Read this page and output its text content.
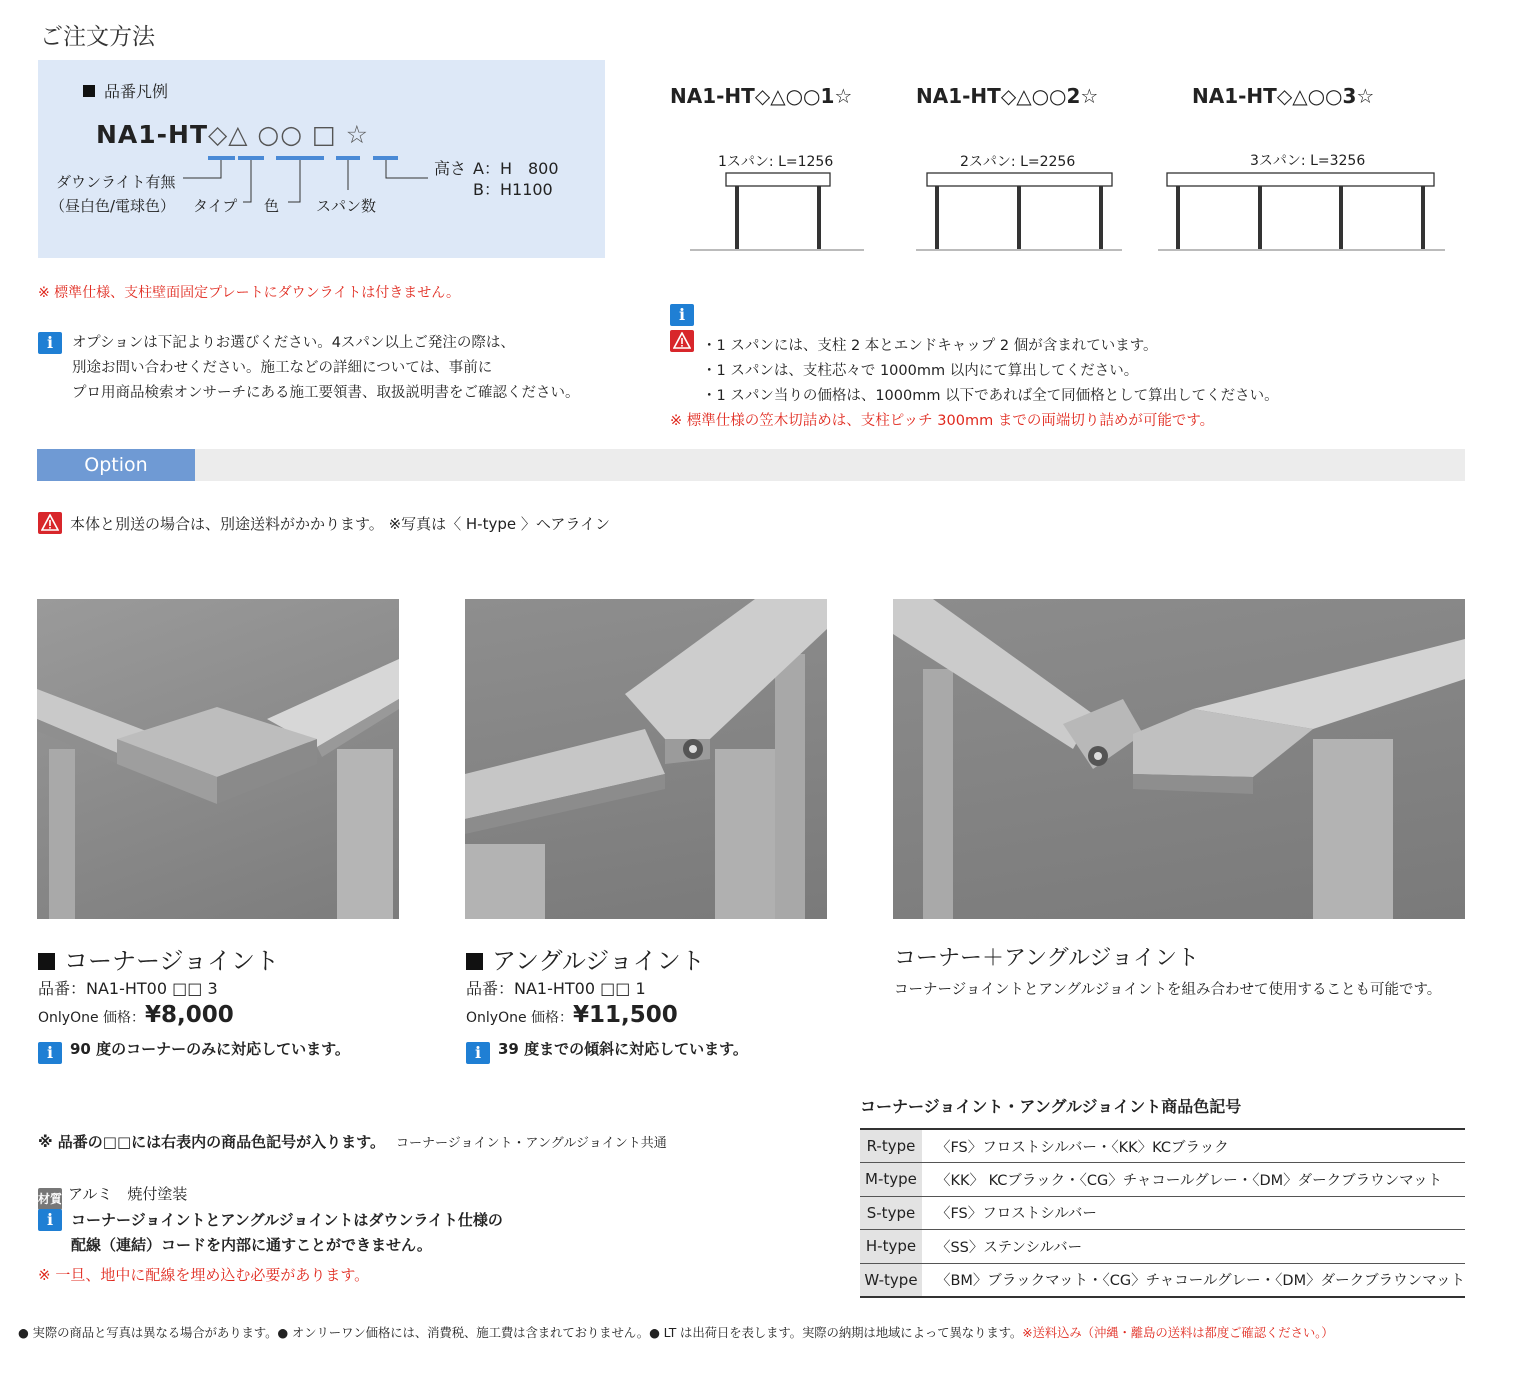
ご注文方法
品番凡例
NA1-HT◇△ ○○ □ ☆
ダウンライト有無
（昼白色/電球色） タイプ 色 スパン数
高さ A：H　800
B：H1100
※ 標準仕様、支柱壁面固定プレートにダウンライトは付きません。
i	オプションは下記よりお選びください。4スパン以上ご発注の際は、
別途お問い合わせください。施工などの詳細については、事前に
プロ用商品検索オンサーチにある施工要領書、取扱説明書をご確認ください。
NA1-HT◇△○○1☆	NA1-HT◇△○○2☆	NA1-HT◇△○○3☆
1スパン: L=1256	2スパン: L=2256	3スパン: L=3256
i
・1 スパンには、支柱 2 本とエンドキャップ 2 個が含まれています。
・1 スパンは、支柱芯々で 1000mm 以内にて算出してください。
・1 スパン当りの価格は、1000mm 以下であれば全て同価格として算出してください。
※ 標準仕様の笠木切詰めは、支柱ピッチ 300mm までの両端切り詰めが可能です。
Option
本体と別送の場合は、別途送料がかかります。 ※写真は〈 H-type 〉ヘアライン
コーナージョイント
品番：NA1-HT00 □□ 3
OnlyOne 価格：¥8,000
i 90 度のコーナーのみに対応しています。
アングルジョイント
品番：NA1-HT00 □□ 1
OnlyOne 価格：¥11,500
i 39 度までの傾斜に対応しています。
コーナー＋アングルジョイント
コーナージョイントとアングルジョイントを組み合わせて使用することも可能です。
※ 品番の□□には右表内の商品色記号が入ります。 コーナージョイント・アングルジョイント共通
材質 アルミ　焼付塗装
i	コーナージョイントとアングルジョイントはダウンライト仕様の
配線（連結）コードを内部に通すことができません。
※ 一旦、地中に配線を埋め込む必要があります。
コーナージョイント・アングルジョイント商品色記号
R-type	〈FS〉フロストシルバー・〈KK〉KCブラック
M-type	〈KK〉 KCブラック・〈CG〉チャコールグレー・〈DM〉ダークブラウンマット
S-type	〈FS〉フロストシルバー
H-type	〈SS〉ステンシルバー
W-type	〈BM〉ブラックマット・〈CG〉チャコールグレー・〈DM〉ダークブラウンマット
● 実際の商品と写真は異なる場合があります。● オンリーワン価格には、消費税、施工費は含まれておりません。● LT は出荷日を表します。実際の納期は地域によって異なります。※送料込み（沖縄・離島の送料は都度ご確認ください。）
